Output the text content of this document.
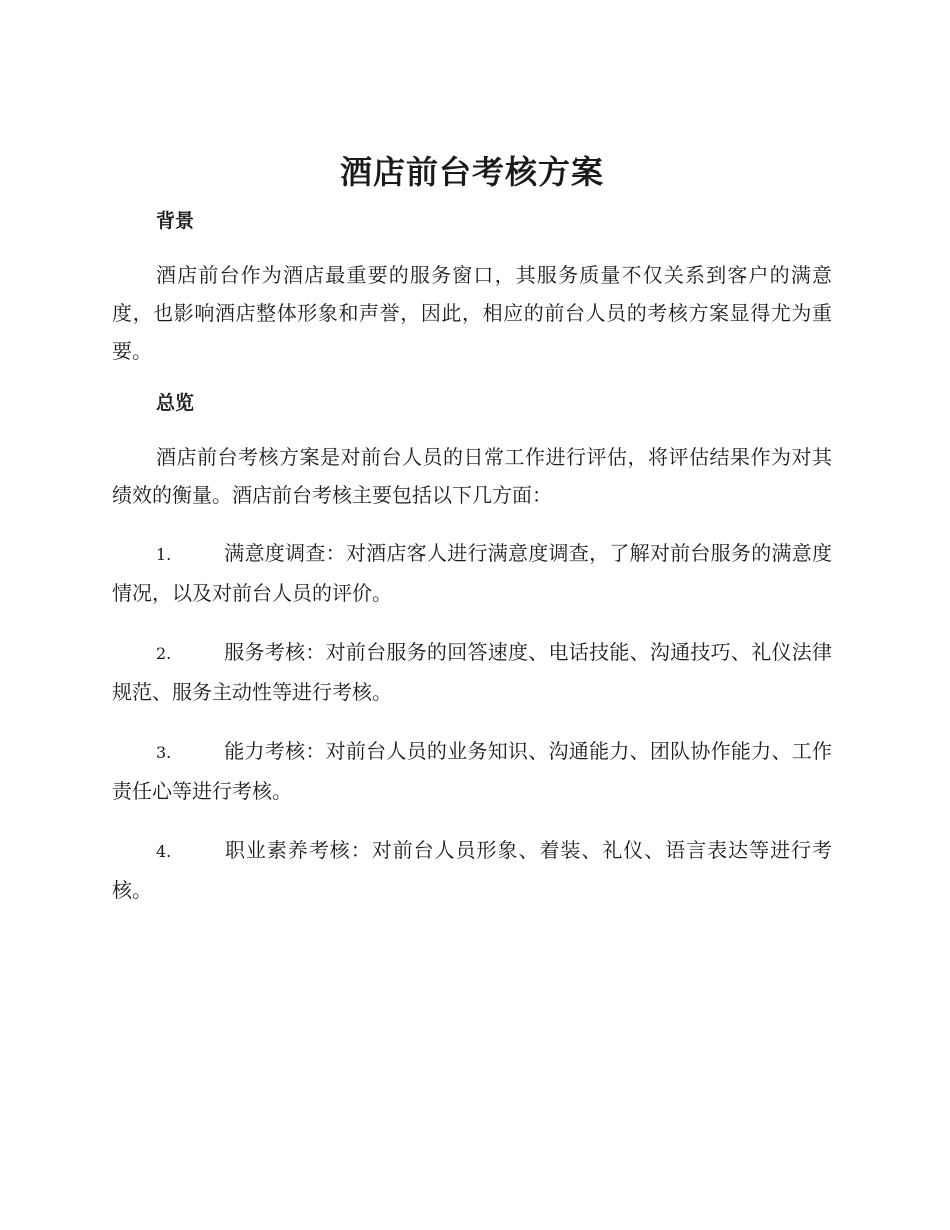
酒店前台考核方案
背景

酒店前台作为酒店最重要的服务窗口，其服务质量不仅关系到客户的满意度，也影响酒店整体形象和声誉，因此，相应的前台人员的考核方案显得尤为重要。

总览

酒店前台考核方案是对前台人员的日常工作进行评估，将评估结果作为对其绩效的衡量。酒店前台考核主要包括以下几方面：

1.	满意度调查：对酒店客人进行满意度调查，了解对前台服务的满意度情况，以及对前台人员的评价。
2.	服务考核：对前台服务的回答速度、电话技能、沟通技巧、礼仪法律规范、服务主动性等进行考核。
3.	能力考核：对前台人员的业务知识、沟通能力、团队协作能力、工作责任心等进行考核。
4.	职业素养考核：对前台人员形象、着装、礼仪、语言表达等进行考核。
